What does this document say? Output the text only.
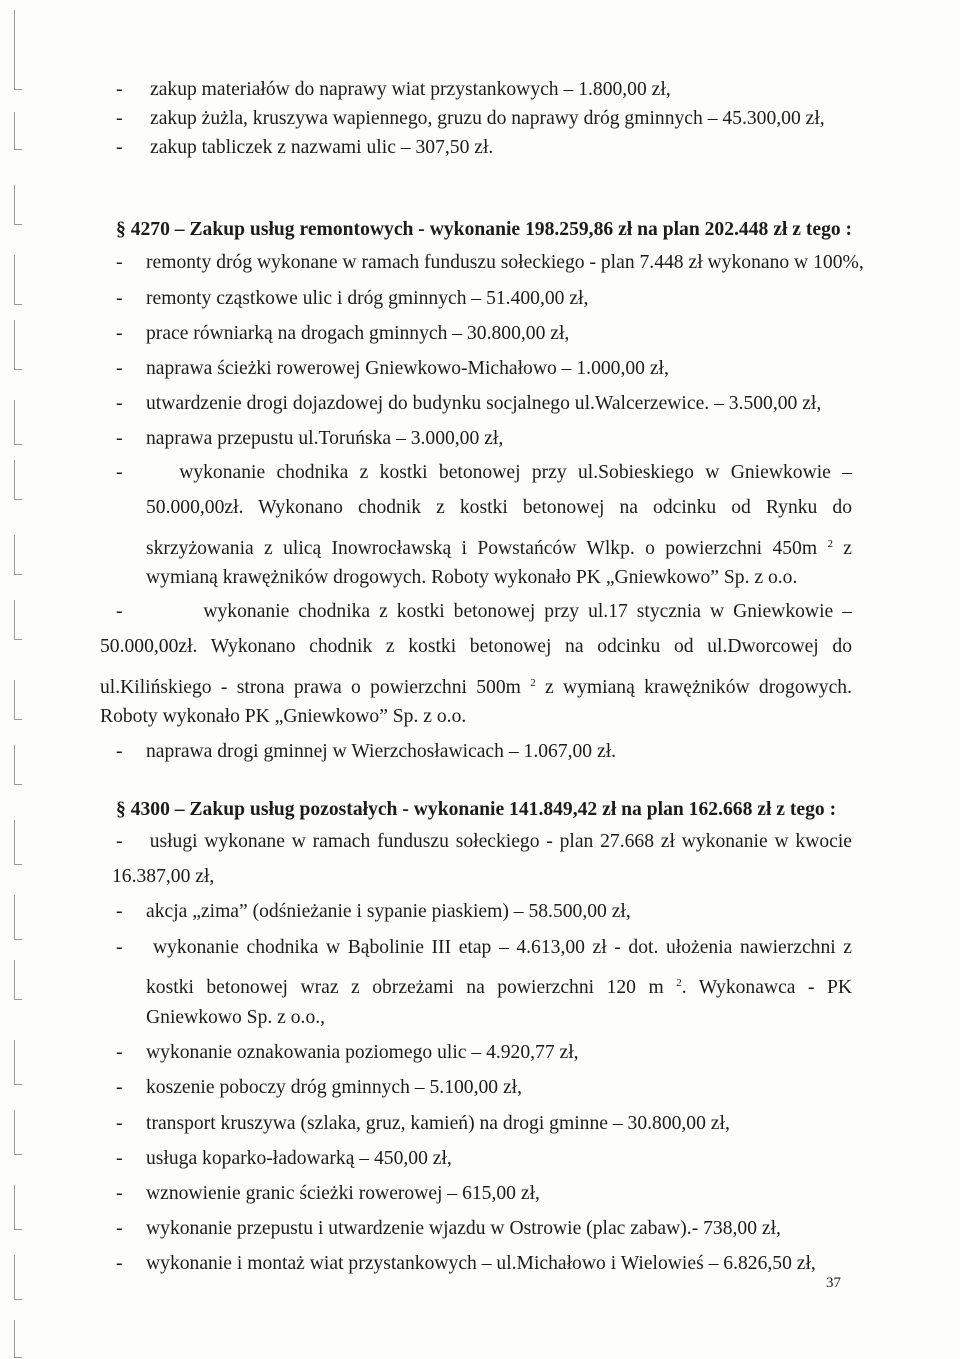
- zakup materiałów do naprawy wiat przystankowych – 1.800,00 zł,
- zakup żużla, kruszywa wapiennego, gruzu do naprawy dróg gminnych – 45.300,00 zł,
- zakup tabliczek z nazwami ulic – 307,50 zł.
§ 4270 – Zakup usług remontowych - wykonanie 198.259,86 zł na plan 202.448 zł z tego :
- remonty dróg wykonane w ramach funduszu sołeckiego - plan 7.448 zł wykonano w 100%,
- remonty cząstkowe ulic i dróg gminnych – 51.400,00 zł,
- prace równiarką na drogach gminnych – 30.800,00 zł,
- naprawa ścieżki rowerowej Gniewkowo-Michałowo – 1.000,00 zł,
- utwardzenie drogi dojazdowej do budynku socjalnego ul.Walcerzewice. – 3.500,00 zł,
- naprawa przepustu ul.Toruńska – 3.000,00 zł,
-	wykonanie chodnika z kostki betonowej przy ul.Sobieskiego w Gniewkowie –
50.000,00zł. Wykonano chodnik z kostki betonowej na odcinku od Rynku do
skrzyżowania z ulicą Inowrocławską i Powstańców Wlkp. o powierzchni 450m $^2$ z
wymianą krawężników drogowych. Roboty wykonało PK „Gniewkowo” Sp. z o.o.
-	wykonanie chodnika z kostki betonowej przy ul.17 stycznia w Gniewkowie –
50.000,00zł. Wykonano chodnik z kostki betonowej na odcinku od ul.Dworcowej do
ul.Kilińskiego - strona prawa o powierzchni 500m $^2$ z wymianą krawężników drogowych.
Roboty wykonało PK „Gniewkowo” Sp. z o.o.
- naprawa drogi gminnej w Wierzchosławicach – 1.067,00 zł.
§ 4300 – Zakup usług pozostałych - wykonanie 141.849,42 zł na plan 162.668 zł z tego :
- usługi wykonane w ramach funduszu sołeckiego - plan 27.668 zł wykonanie w kwocie
16.387,00 zł,
- akcja „zima” (odśnieżanie i sypanie piaskiem) – 58.500,00 zł,
- wykonanie chodnika w Bąbolinie III etap – 4.613,00 zł - dot. ułożenia nawierzchni z
kostki betonowej wraz z obrzeżami na powierzchni 120 m $^2$. Wykonawca - PK
Gniewkowo Sp. z o.o.,
- wykonanie oznakowania poziomego ulic – 4.920,77 zł,
- koszenie poboczy dróg gminnych – 5.100,00 zł,
- transport kruszywa (szlaka, gruz, kamień) na drogi gminne – 30.800,00 zł,
- usługa koparko-ładowarką – 450,00 zł,
- wznowienie granic ścieżki rowerowej – 615,00 zł,
- wykonanie przepustu i utwardzenie wjazdu w Ostrowie (plac zabaw).- 738,00 zł,
- wykonanie i montaż wiat przystankowych – ul.Michałowo i Wielowieś – 6.826,50 zł,
37
